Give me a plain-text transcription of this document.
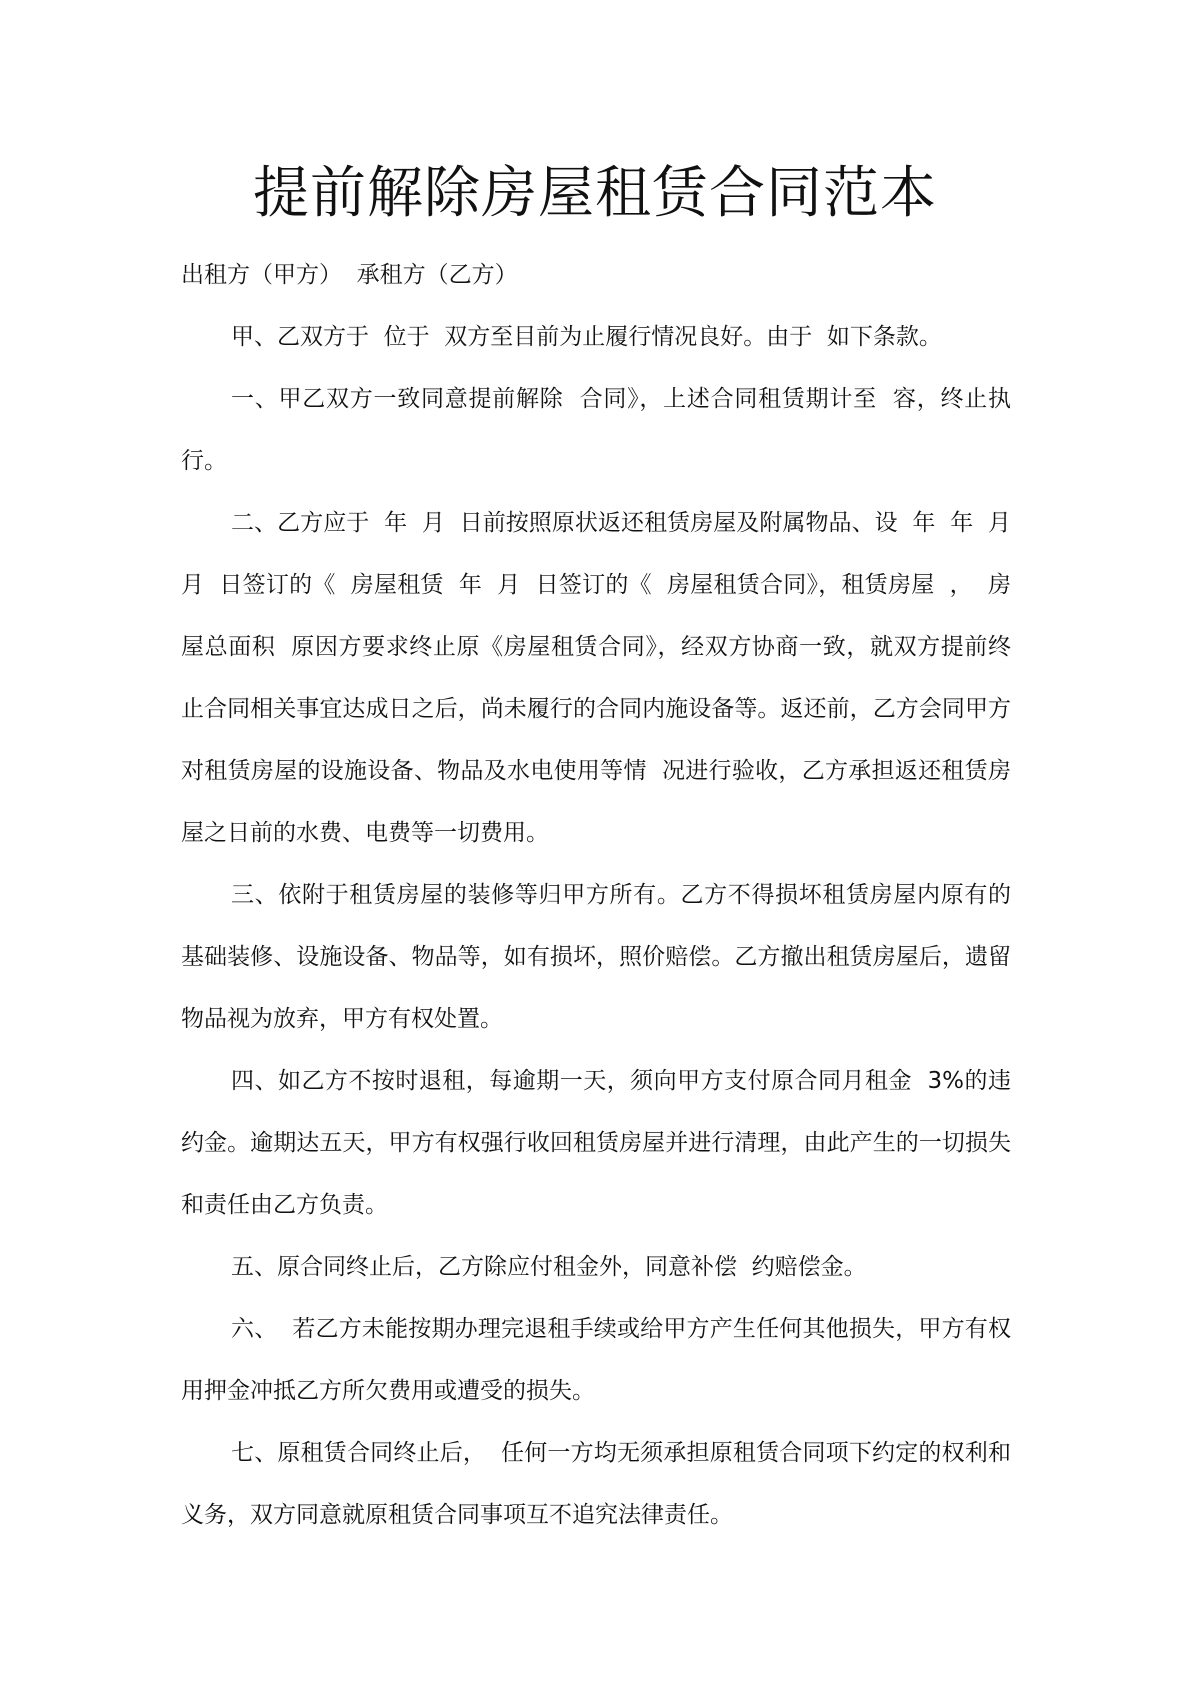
提前解除房屋租赁合同范本

出租方（甲方）  承租方（乙方）

甲、乙双方于  位于  双方至目前为止履行情况良好。由于  如下条款。

一、甲乙双方一致同意提前解除  合同》，上述合同租赁期计至  容，终止执行。

二、乙方应于  年  月  日前按照原状返还租赁房屋及附属物品、设  年  年  月  月  日签订的《  房屋租赁  年  月  日签订的《  房屋租赁合同》，租赁房屋  ，  房屋总面积  原因方要求终止原《房屋租赁合同》，经双方协商一致，就双方提前终止合同相关事宜达成日之后，尚未履行的合同内施设备等。返还前，乙方会同甲方对租赁房屋的设施设备、物品及水电使用等情  况进行验收，乙方承担返还租赁房屋之日前的水费、电费等一切费用。

三、依附于租赁房屋的装修等归甲方所有。乙方不得损坏租赁房屋内原有的基础装修、设施设备、物品等，如有损坏，照价赔偿。乙方撤出租赁房屋后，遗留物品视为放弃，甲方有权处置。

四、如乙方不按时退租，每逾期一天，须向甲方支付原合同月租金  3%的违约金。逾期达五天，甲方有权强行收回租赁房屋并进行清理，由此产生的一切损失和责任由乙方负责。

五、原合同终止后，乙方除应付租金外，同意补偿  约赔偿金。

六、  若乙方未能按期办理完退租手续或给甲方产生任何其他损失，甲方有权  用押金冲抵乙方所欠费用或遭受的损失。

七、原租赁合同终止后，  任何一方均无须承担原租赁合同项下约定的权利和  义务，双方同意就原租赁合同事项互不追究法律责任。
